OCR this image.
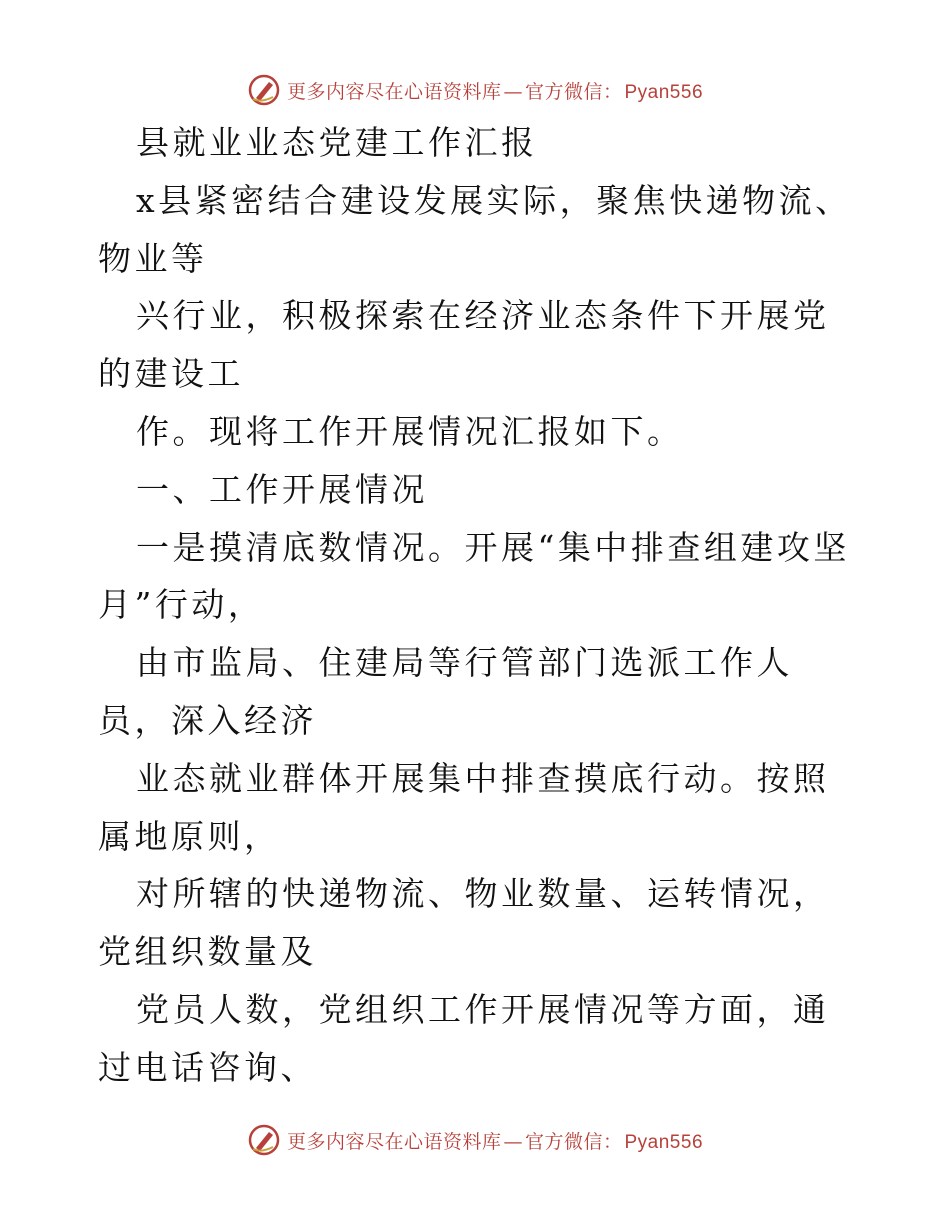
更多内容尽在心语资料库 — 官方微信： Pyan556

县就业业态党建工作汇报

x县紧密结合建设发展实际，聚焦快递物流、物业等

兴行业，积极探索在经济业态条件下开展党的建设工

作。现将工作开展情况汇报如下。

一、工作开展情况

一是摸清底数情况。开展“集中排查组建攻坚月”行动，

由市监局、住建局等行管部门选派工作人员，深入经济

业态就业群体开展集中排查摸底行动。按照属地原则，

对所辖的快递物流、物业数量、运转情况，党组织数量及

党员人数，党组织工作开展情况等方面，通过电话咨询、

更多内容尽在心语资料库 — 官方微信： Pyan556
